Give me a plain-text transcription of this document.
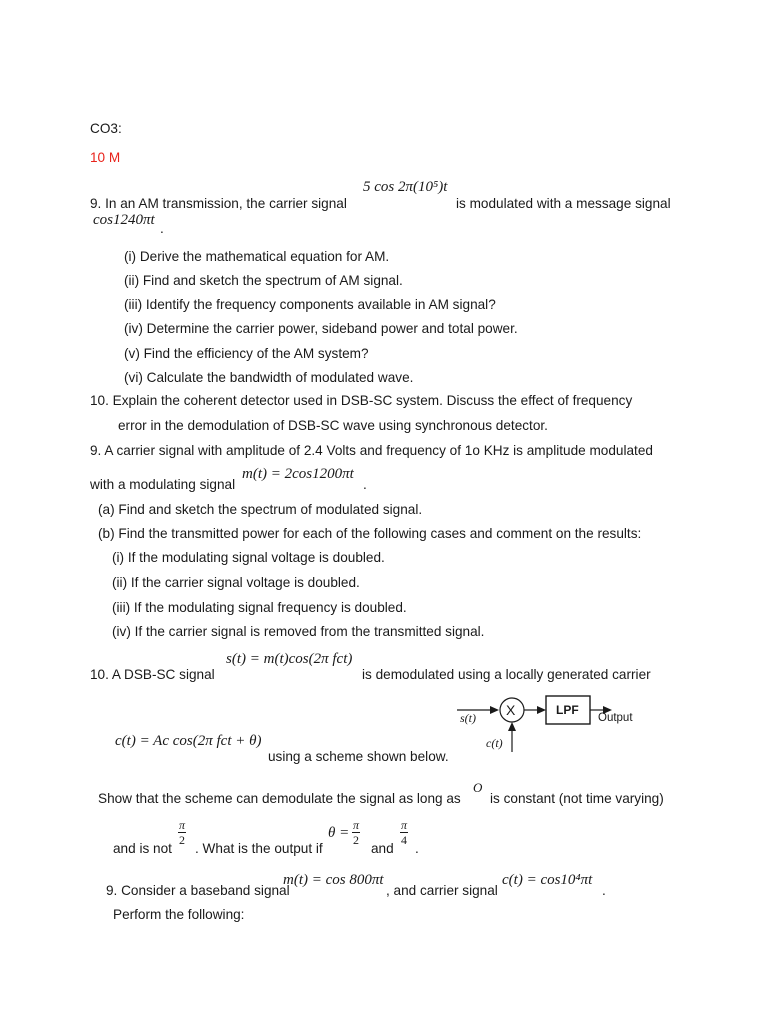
CO3:
10 M
9. In an AM transmission, the carrier signal
5 cos 2π(10⁵)t
is modulated with a message signal
cos1240πt
.
(i) Derive the mathematical equation for AM.
(ii) Find and sketch the spectrum of AM signal.
(iii) Identify the frequency components available in AM signal?
(iv) Determine the carrier power, sideband power and total power.
(v) Find the efficiency of the AM system?
(vi) Calculate the bandwidth of modulated wave.
10. Explain the coherent detector used in DSB-SC system. Discuss the effect of frequency
error in the demodulation of DSB-SC wave using synchronous detector.
9. A carrier signal with amplitude of 2.4 Volts and frequency of 1o KHz is amplitude modulated
with a modulating signal
m(t) = 2cos1200πt
.
(a) Find and sketch the spectrum of modulated signal.
(b) Find the transmitted power for each of the following cases and comment on the results:
(i) If the modulating signal voltage is doubled.
(ii) If the carrier signal voltage is doubled.
(iii) If the modulating signal frequency is doubled.
(iv) If the carrier signal is removed from the transmitted signal.
10. A DSB-SC signal
s(t) = m(t)cos(2π fct)
is demodulated using a locally generated carrier
c(t) = Ac cos(2π fct + θ)
using a scheme shown below.
X	LPF
s(t)	Output
c(t)
Show that the scheme can demodulate the signal as long as
O
is constant (not time varying)
and is not
$\frac{\pi}{2}$
. What is the output if
$\theta = \frac{\pi}{2}$
and
$\frac{\pi}{4}$
.
9. Consider a baseband signal
m(t) = cos 800πt
, and carrier signal
c(t) = cos10⁴πt
.
Perform the following:
